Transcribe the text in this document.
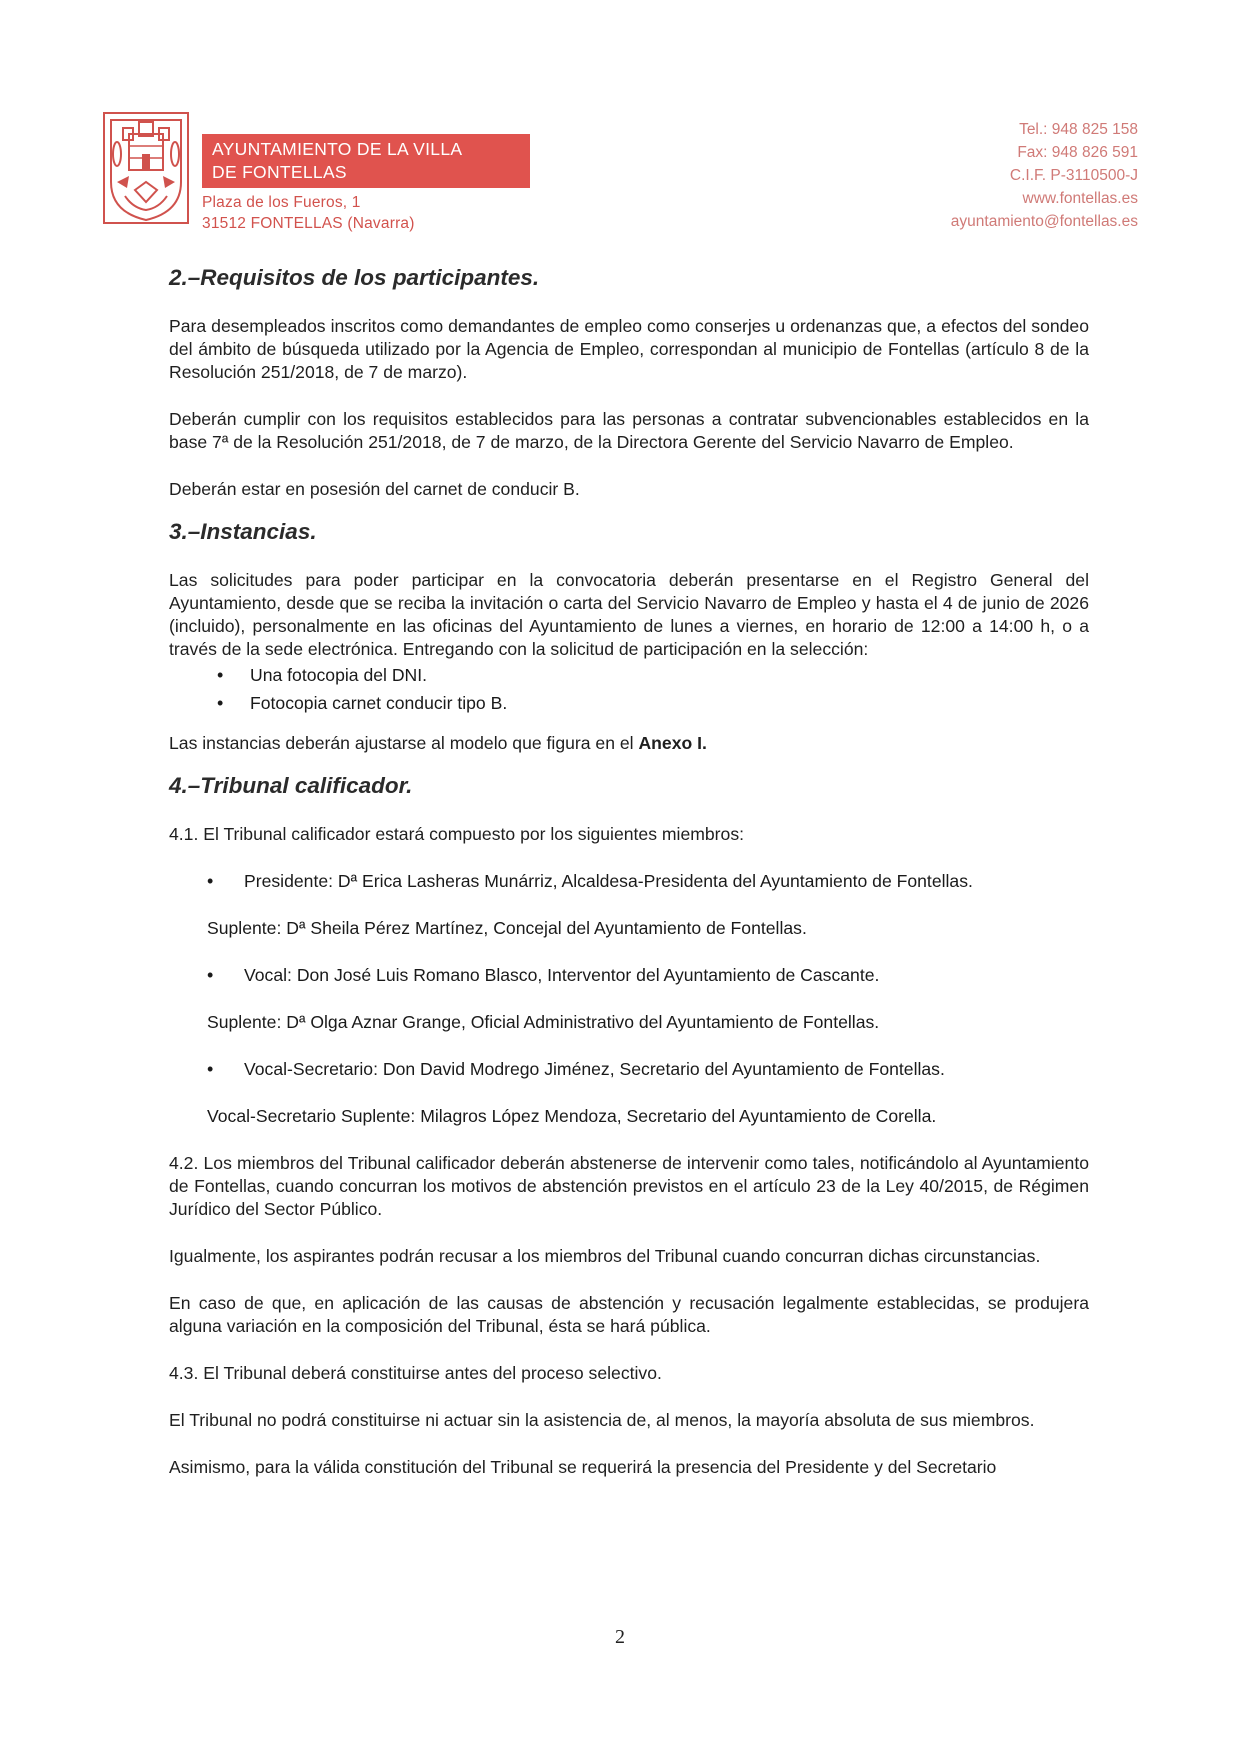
AYUNTAMIENTO DE LA VILLA
DE FONTELLAS
Plaza de los Fueros, 1
31512 FONTELLAS (Navarra)
Tel.: 948 825 158
Fax: 948 826 591
C.I.F. P-3110500-J
www.fontellas.es
ayuntamiento@fontellas.es
2.–Requisitos de los participantes.

Para desempleados inscritos como demandantes de empleo como conserjes u ordenanzas que, a efectos del sondeo del ámbito de búsqueda utilizado por la Agencia de Empleo, correspondan al municipio de Fontellas (artículo 8 de la Resolución 251/2018, de 7 de marzo).

Deberán cumplir con los requisitos establecidos para las personas a contratar subvencionables establecidos en la base 7ª de la Resolución 251/2018, de 7 de marzo, de la Directora Gerente del Servicio Navarro de Empleo.

Deberán estar en posesión del carnet de conducir B.

3.–Instancias.

Las solicitudes para poder participar en la convocatoria deberán presentarse en el Registro General del Ayuntamiento, desde que se reciba la invitación o carta del Servicio Navarro de Empleo y hasta el 4 de junio de 2026 (incluido), personalmente en las oficinas del Ayuntamiento de lunes a viernes, en horario de 12:00 a 14:00 h, o a través de la sede electrónica. Entregando con la solicitud de participación en la selección:

• Una fotocopia del DNI.
• Fotocopia carnet conducir tipo B.

Las instancias deberán ajustarse al modelo que figura en el Anexo I.

4.–Tribunal calificador.

4.1. El Tribunal calificador estará compuesto por los siguientes miembros:

• Presidente: Dª Erica Lasheras Munárriz, Alcaldesa-Presidenta del Ayuntamiento de Fontellas.
Suplente: Dª Sheila Pérez Martínez, Concejal del Ayuntamiento de Fontellas.
• Vocal: Don José Luis Romano Blasco, Interventor del Ayuntamiento de Cascante.
Suplente: Dª Olga Aznar Grange, Oficial Administrativo del Ayuntamiento de Fontellas.
• Vocal-Secretario: Don David Modrego Jiménez, Secretario del Ayuntamiento de Fontellas.
Vocal-Secretario Suplente: Milagros López Mendoza, Secretario del Ayuntamiento de Corella.

4.2. Los miembros del Tribunal calificador deberán abstenerse de intervenir como tales, notificándolo al Ayuntamiento de Fontellas, cuando concurran los motivos de abstención previstos en el artículo 23 de la Ley 40/2015, de Régimen Jurídico del Sector Público.

Igualmente, los aspirantes podrán recusar a los miembros del Tribunal cuando concurran dichas circunstancias.

En caso de que, en aplicación de las causas de abstención y recusación legalmente establecidas, se produjera alguna variación en la composición del Tribunal, ésta se hará pública.

4.3. El Tribunal deberá constituirse antes del proceso selectivo.

El Tribunal no podrá constituirse ni actuar sin la asistencia de, al menos, la mayoría absoluta de sus miembros.

Asimismo, para la válida constitución del Tribunal se requerirá la presencia del Presidente y del Secretario

2
